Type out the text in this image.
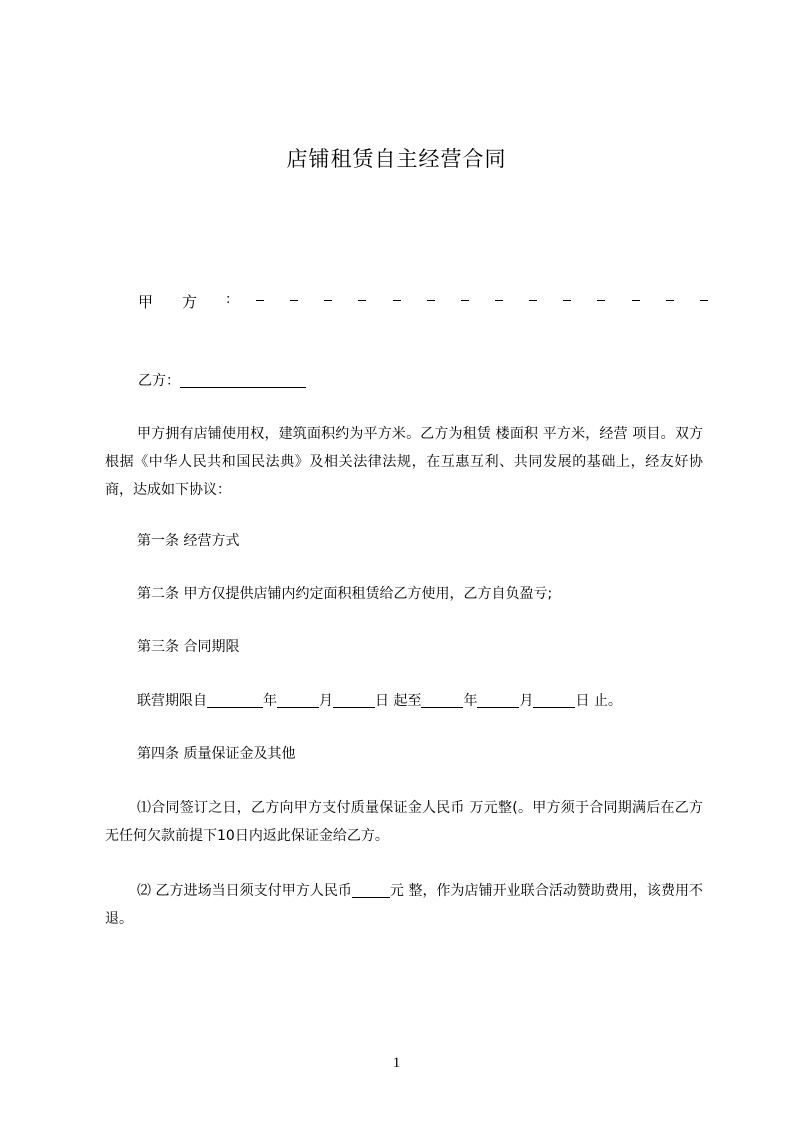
店铺租赁自主经营合同
甲 方 :
乙方：
甲方拥有店铺使用权，建筑面积约为平方米。乙方为租赁 楼面积 平方米，经营 项目。双方根据《中华人民共和国民法典》及相关法律法规，在互惠互利、共同发展的基础上，经友好协商，达成如下协议：
第一条 经营方式
第二条 甲方仅提供店铺内约定面积租赁给乙方使用，乙方自负盈亏;
第三条 合同期限
联营期限自	年	月	日 起至	年	月	日 止。
第四条 质量保证金及其他
⑴合同签订之日，乙方向甲方支付质量保证金人民币 万元整(。甲方须于合同期满后在乙方无任何欠款前提下10日内返此保证金给乙方。
⑵ 乙方进场当日须支付甲方人民币	元 整，作为店铺开业联合活动赞助费用，该费用不退。
1
